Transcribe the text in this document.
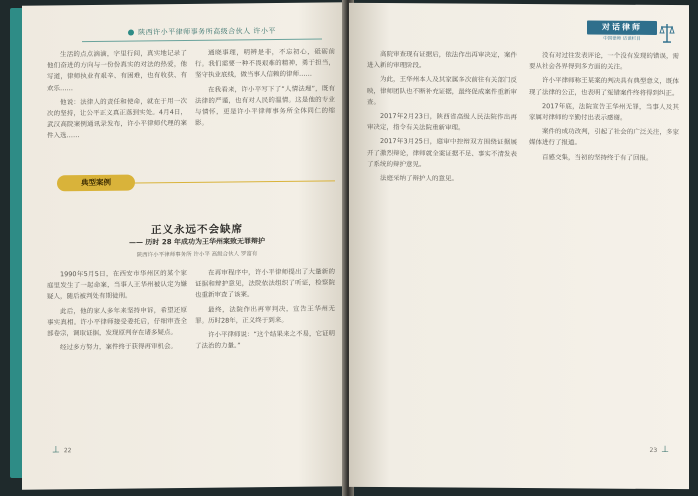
陕西许小平律师事务所高级合伙人 许小平

生活的点点滴滴，字里行间，真实地记录了他们奋进的方向与一份份真实的对法的热爱，他写道，律师执业有艰辛、有困难，也有收获、有欢乐……

他说：法律人的责任和使命，就在于用一次次的坚持，让公平正义真正落到实处。4月4日，武汉高院案例通讯录发布，许小平律师代理的案件入选……

通晓事理，明辨是非，不忘初心，砥砺前行。我们需要一种不畏艰难的精神，勇于担当，坚守执业底线，做当事人信赖的律师……

在我看来，许小平写下了“人情法理”，既有法律的严谨，也有对人民的温情。这是他的专业与情怀，更是许小平律师事务所全体同仁的缩影。

典型案例
正义永远不会缺席
—— 历时 28 年成功为王华州案致无罪辩护
陕西许小平律师事务所 许小平 高级合伙人 罗富有

1990年5月5日，在西安市华州区的某个家庭里发生了一起命案，当事人王华州被认定为嫌疑人，随后被判处有期徒刑。

此后，他的家人多年来坚持申诉，希望还原事实真相。许小平律师接受委托后，仔细审查全部卷宗，调取证据，发现原判存在诸多疑点。

经过多方努力，案件终于获得再审机会。

在再审程序中，许小平律师提出了大量新的证据和辩护意见，法院依法组织了听证，检察院也重新审查了该案。

最终，法院作出再审判决，宣告王华州无罪。历时28年，正义终于到来。

许小平律师说：“这个结果来之不易，它证明了法治的力量。”

⊥ 22
对话律师
中国律师 访谈栏目

高院审查现有证据后，依法作出再审决定，案件进入新的审理阶段。

为此，王华州本人及其家属多次前往有关部门反映，律师团队也不断补充证据，最终促成案件重新审查。

2017年2月23日，陕西省高级人民法院作出再审决定，指令有关法院重新审理。

2017年3月25日，庭审中控辩双方围绕证据展开了激烈辩论，律师就全案证据不足、事实不清发表了系统的辩护意见。

法庭采纳了辩护人的意见。

没有对过往发表评论，一个没有发现的错误，需要从社会各界得到多方面的关注。

许小平律师称王某案的判决具有典型意义，既体现了法律的公正，也表明了冤错案件终将得到纠正。

2017年底，法院宣告王华州无罪，当事人及其家属对律师的辛勤付出表示感谢。

案件的成功改判，引起了社会的广泛关注，多家媒体进行了报道。

百感交集，当初的坚持终于有了回报。

23 ⊥
